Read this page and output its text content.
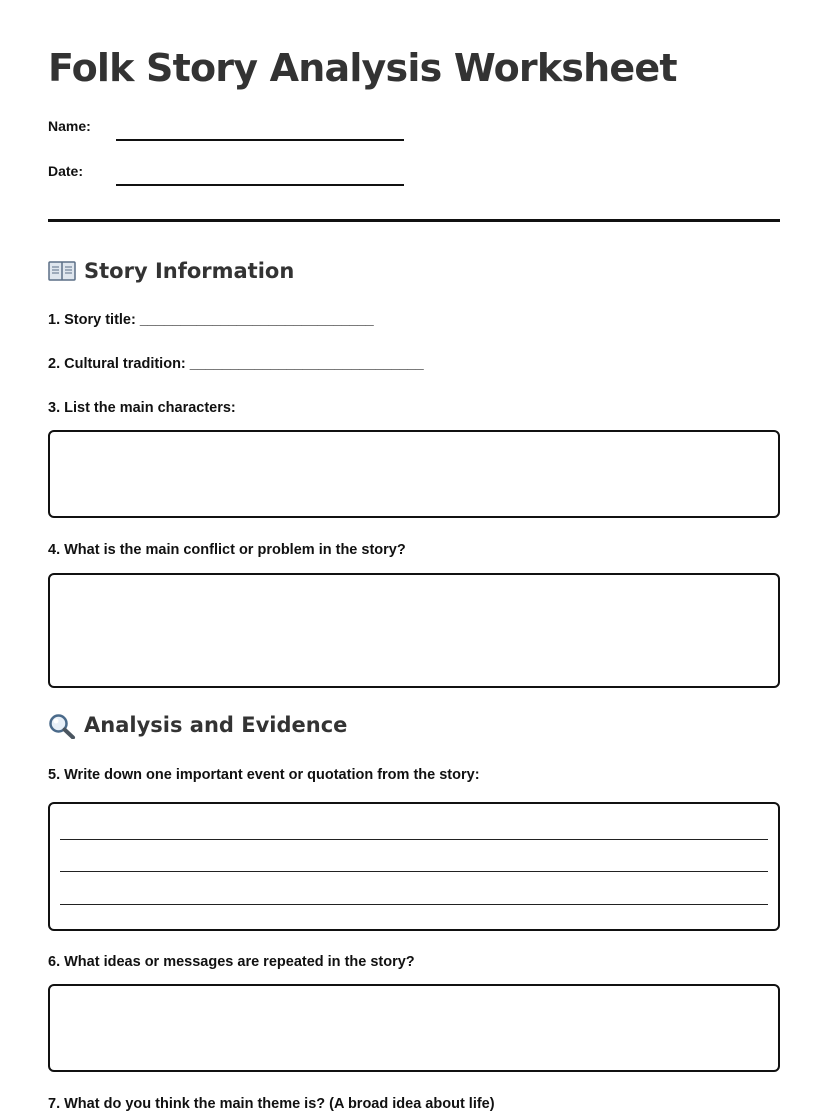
Folk Story Analysis Worksheet
Name:
Date:
Story Information
1. Story title: _____________________________
2. Cultural tradition: _____________________________
3. List the main characters:
4. What is the main conflict or problem in the story?
Analysis and Evidence
5. Write down one important event or quotation from the story:
6. What ideas or messages are repeated in the story?
7. What do you think the main theme is? (A broad idea about life)
